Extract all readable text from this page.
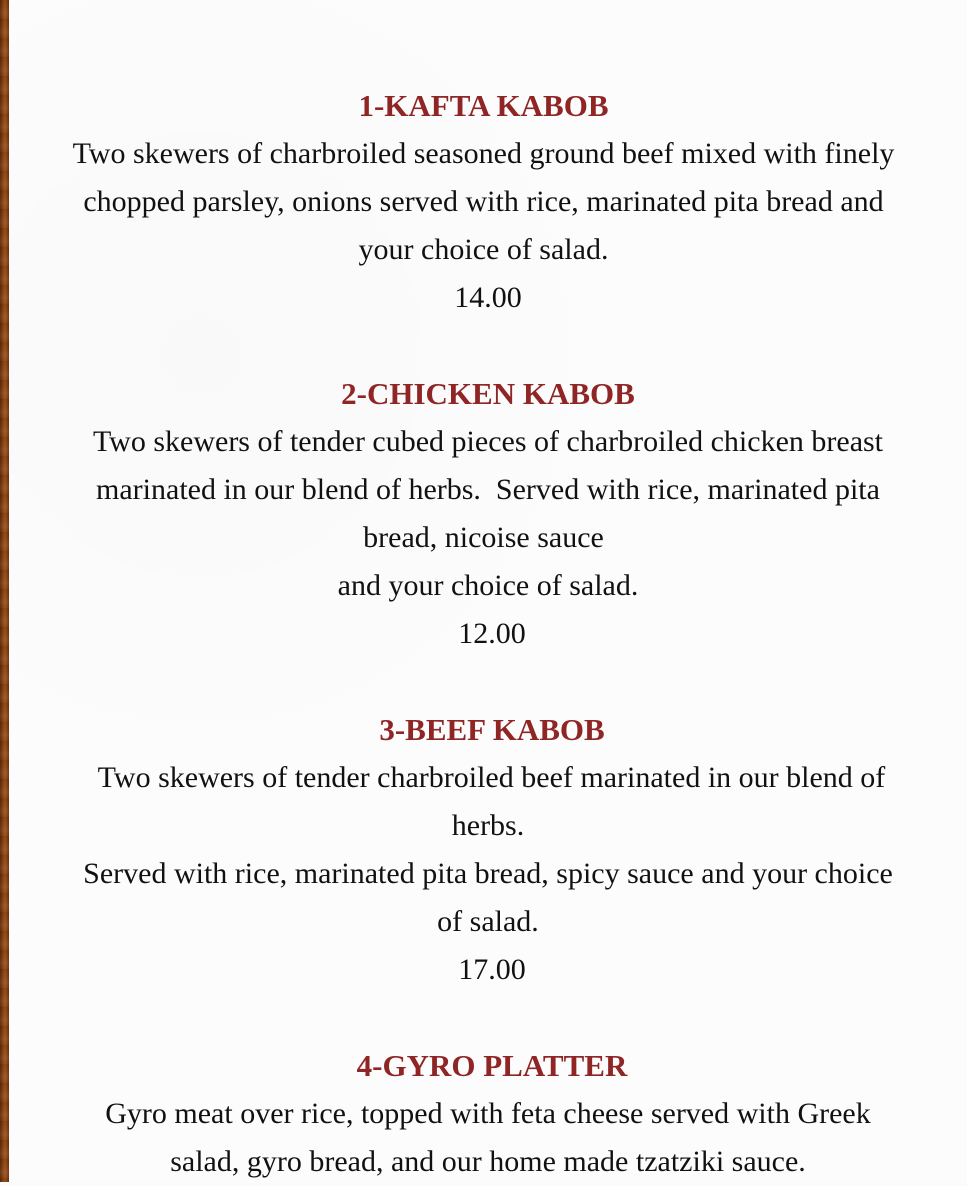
1-KAFTA KABOB
Two skewers of charbroiled seasoned ground beef mixed with finely
chopped parsley, onions served with rice, marinated pita bread and
your choice of salad.
14.00
2-CHICKEN KABOB
Two skewers of tender cubed pieces of charbroiled chicken breast
marinated in our blend of herbs.  Served with rice, marinated pita
bread, nicoise sauce
and your choice of salad.
12.00
3-BEEF KABOB
Two skewers of tender charbroiled beef marinated in our blend of
herbs.
Served with rice, marinated pita bread, spicy sauce and your choice
of salad.
17.00
4-GYRO PLATTER
Gyro meat over rice, topped with feta cheese served with Greek
salad, gyro bread, and our home made tzatziki sauce.
